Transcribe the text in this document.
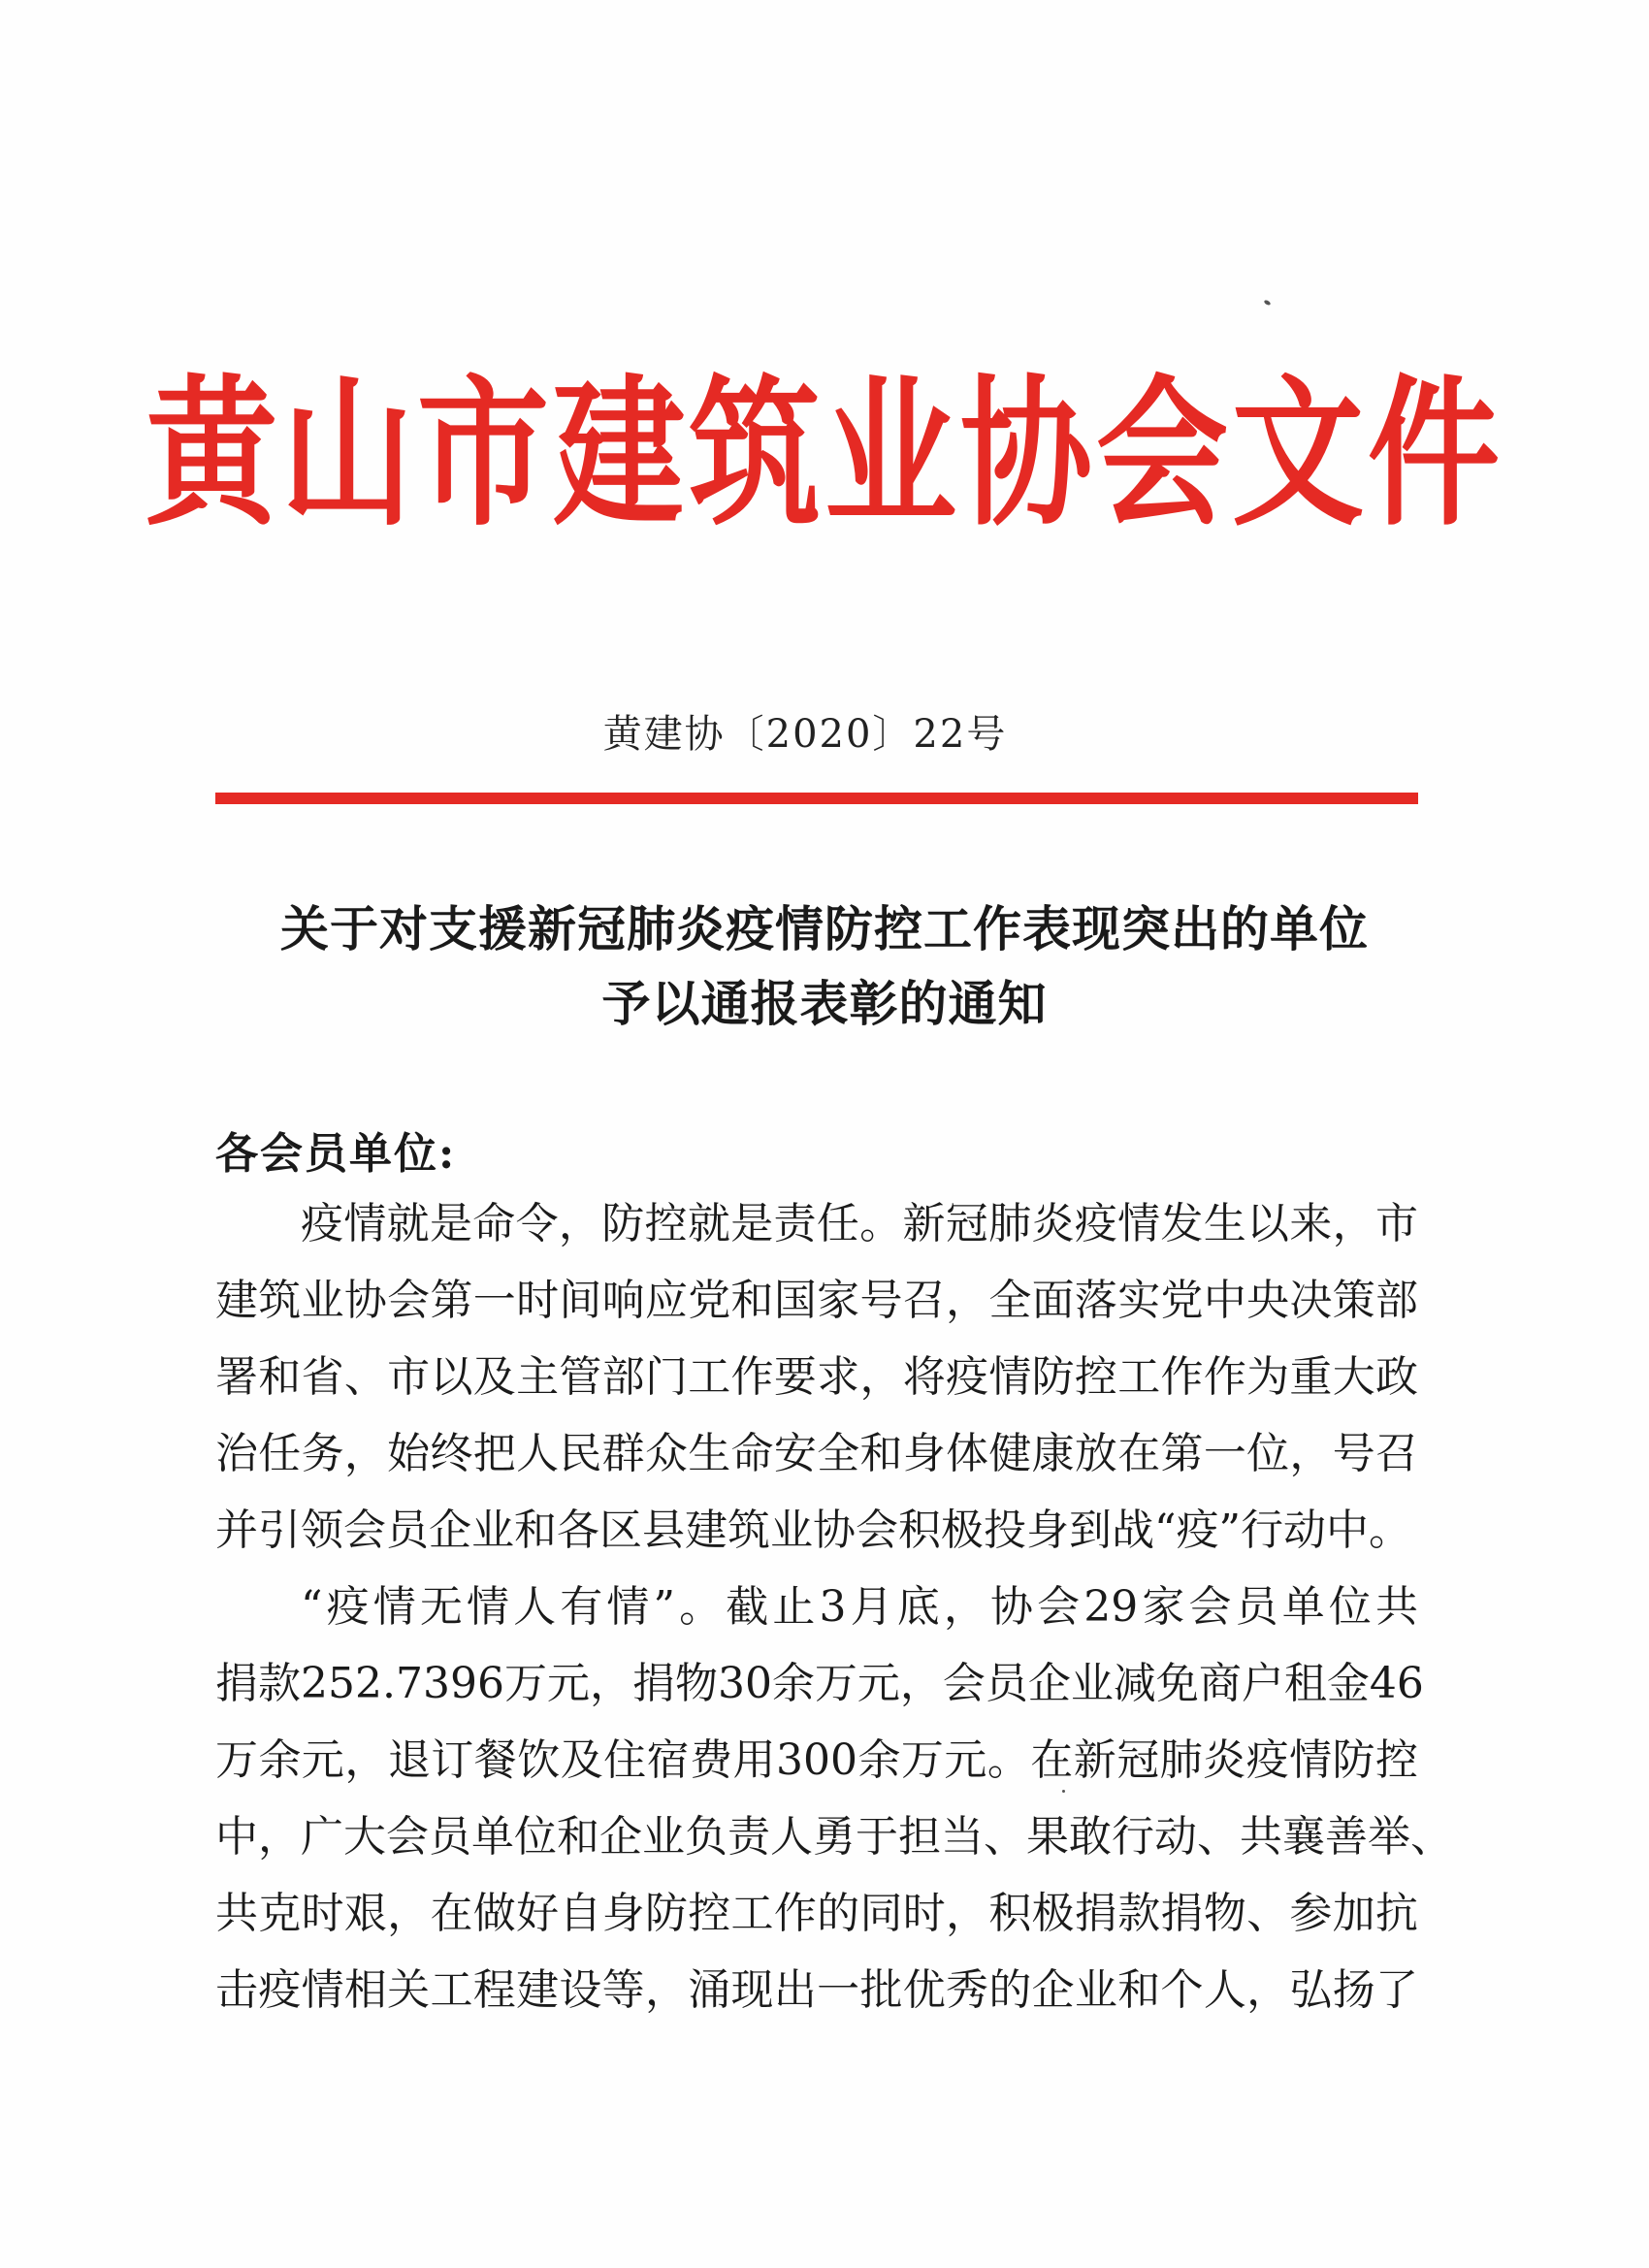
黄山市建筑业协会文件
黄建协〔2020〕22号
关于对支援新冠肺炎疫情防控工作表现突出的单位
予以通报表彰的通知
各会员单位:
疫情就是命令，防控就是责任。新冠肺炎疫情发生以来，市
建筑业协会第一时间响应党和国家号召，全面落实党中央决策部
署和省、市以及主管部门工作要求，将疫情防控工作作为重大政
治任务，始终把人民群众生命安全和身体健康放在第一位，号召
并引领会员企业和各区县建筑业协会积极投身到战“疫”行动中。
“疫情无情人有情”。截止3月底，协会29家会员单位共
捐款252.7396万元，捐物30余万元，会员企业减免商户租金46
万余元，退订餐饮及住宿费用300余万元。在新冠肺炎疫情防控
中，广大会员单位和企业负责人勇于担当、果敢行动、共襄善举、
共克时艰，在做好自身防控工作的同时，积极捐款捐物、参加抗
击疫情相关工程建设等，涌现出一批优秀的企业和个人，弘扬了
